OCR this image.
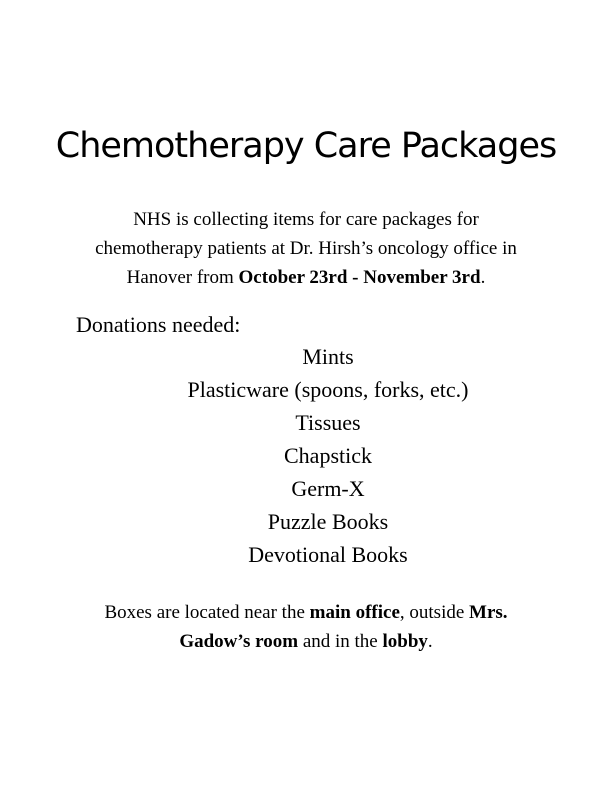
Chemotherapy Care Packages

NHS is collecting items for care packages for
chemotherapy patients at Dr. Hirsh’s oncology office in
Hanover from October 23rd - November 3rd.

Donations needed:

Mints
Plasticware (spoons, forks, etc.)
Tissues
Chapstick
Germ-X
Puzzle Books
Devotional Books

Boxes are located near the main office, outside Mrs.
Gadow’s room and in the lobby.
